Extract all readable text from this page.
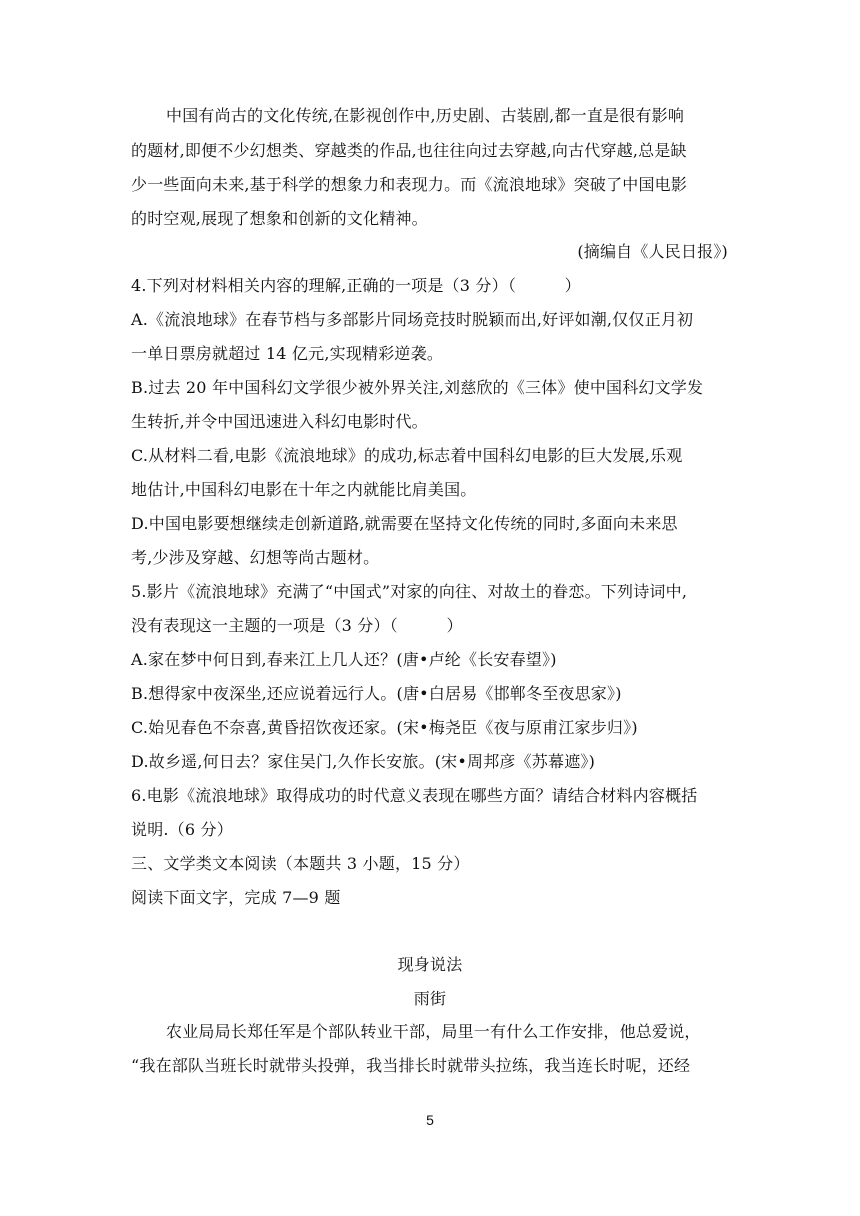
中国有尚古的文化传统,在影视创作中,历史剧、古装剧,都一直是很有影响
的题材,即便不少幻想类、穿越类的作品,也往往向过去穿越,向古代穿越,总是缺
少一些面向未来,基于科学的想象力和表现力。而《流浪地球》突破了中国电影
的时空观,展现了想象和创新的文化精神。
(摘编自《人民日报》)
4.下列对材料相关内容的理解,正确的一项是（3 分）（　　　）
A.《流浪地球》在春节档与多部影片同场竞技时脱颖而出,好评如潮,仅仅正月初
一单日票房就超过 14 亿元,实现精彩逆袭。
B.过去 20 年中国科幻文学很少被外界关注,刘慈欣的《三体》使中国科幻文学发
生转折,并令中国迅速进入科幻电影时代。
C.从材料二看,电影《流浪地球》的成功,标志着中国科幻电影的巨大发展,乐观
地估计,中国科幻电影在十年之内就能比肩美国。
D.中国电影要想继续走创新道路,就需要在坚持文化传统的同时,多面向未来思
考,少涉及穿越、幻想等尚古题材。
5.影片《流浪地球》充满了“中国式”对家的向往、对故土的眷恋。下列诗词中,
没有表现这一主题的一项是（3 分）（　　　）
A.家在梦中何日到,春来江上几人还？(唐•卢纶《长安春望》)
B.想得家中夜深坐,还应说着远行人。(唐•白居易《邯郸冬至夜思家》)
C.始见春色不奈喜,黄昏招饮夜还家。(宋•梅尧臣《夜与原甫江家步归》)
D.故乡遥,何日去？家住吴门,久作长安旅。(宋•周邦彦《苏幕遮》)
6.电影《流浪地球》取得成功的时代意义表现在哪些方面？请结合材料内容概括
说明.（6 分）
三、文学类文本阅读（本题共 3 小题，15 分）
阅读下面文字，完成 7—9 题
现身说法
雨街
农业局局长郑任军是个部队转业干部，局里一有什么工作安排，他总爱说，
“我在部队当班长时就带头投弹，我当排长时就带头拉练，我当连长时呢，还经
5
